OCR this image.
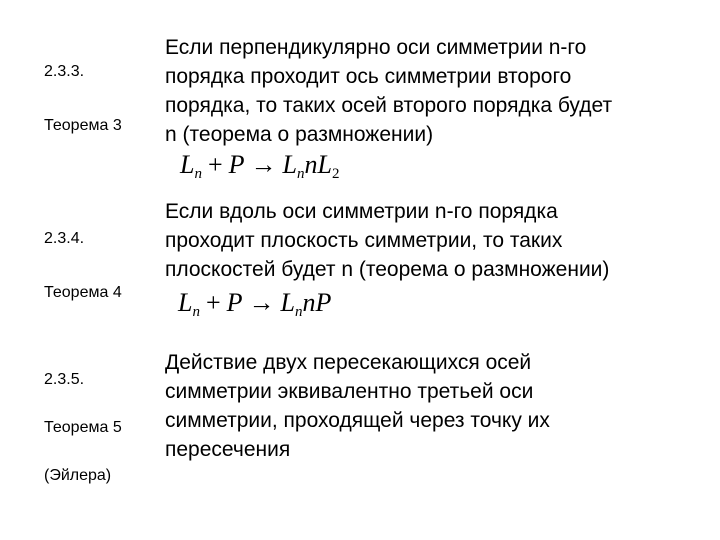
2.3.3.

Теорема 3

Если перпендикулярно оси симметрии n-го
порядка проходит ось симметрии второго
порядка, то таких осей второго порядка будет
n (теорема о размножении)
$L_n + P \to L_nnL_2$

2.3.4.

Теорема 4

Если вдоль оси симметрии n-го порядка
проходит плоскость симметрии, то таких
плоскостей будет n (теорема о размножении)
$L_n + P \to L_nnP$

2.3.5.

Теорема 5

(Эйлера)

Действие двух пересекающихся осей
симметрии эквивалентно третьей оси
симметрии, проходящей через точку их
пересечения
